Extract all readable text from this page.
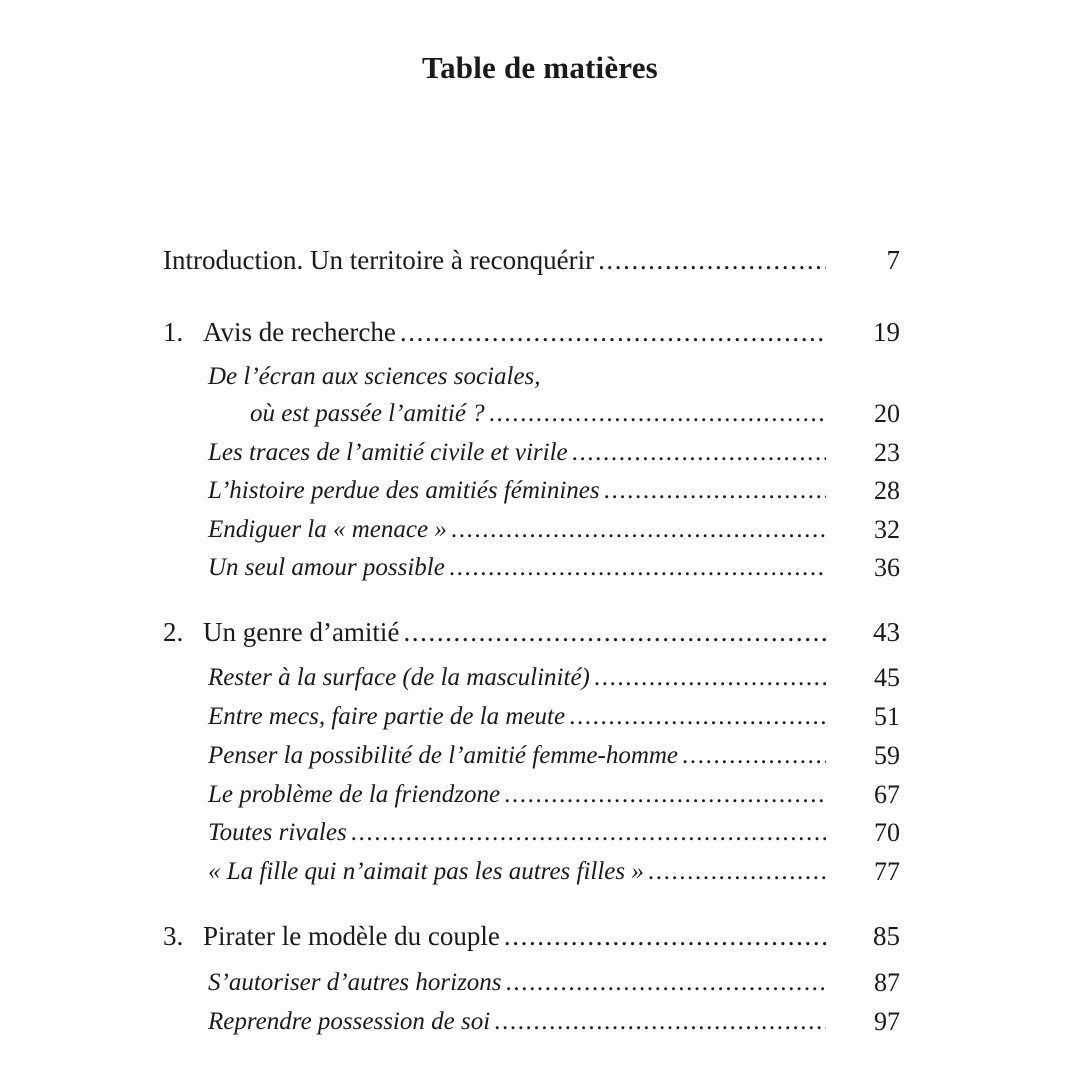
Table de matières
Introduction. Un territoire à reconquérir .....	7
1. Avis de recherche .....	19
De l’écran aux sciences sociales,
où est passée l’amitié ? .....	20
Les traces de l’amitié civile et virile .....	23
L’histoire perdue des amitiés féminines .....	28
Endiguer la « menace » .....	32
Un seul amour possible .....	36
2. Un genre d’amitié .....	43
Rester à la surface (de la masculinité) .....	45
Entre mecs, faire partie de la meute .....	51
Penser la possibilité de l’amitié femme-homme .....	59
Le problème de la friendzone .....	67
Toutes rivales .....	70
« La fille qui n’aimait pas les autres filles » .....	77
3. Pirater le modèle du couple .....	85
S’autoriser d’autres horizons .....	87
Reprendre possession de soi .....	97
